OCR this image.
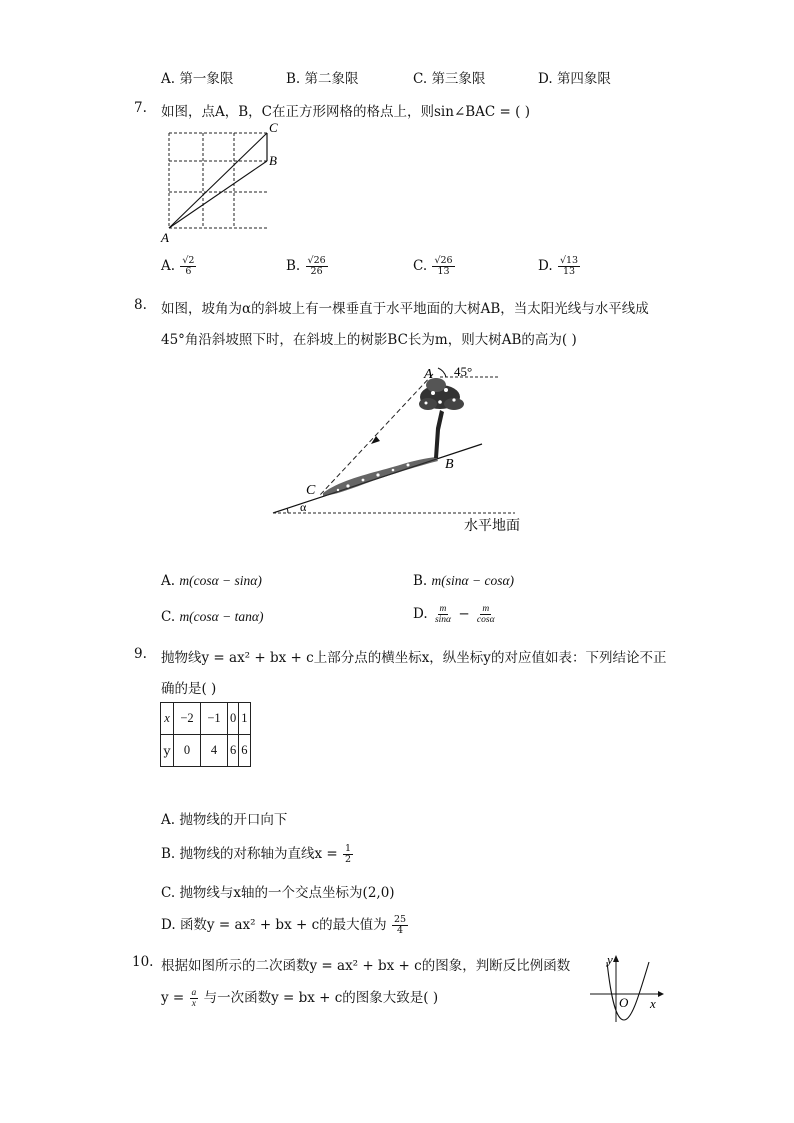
A. 第一象限	B. 第二象限	C. 第三象限	D. 第四象限
7. 如图，点A，B，C在正方形网格的格点上，则sin∠BAC = ( )
C
B
A
A. $\frac{√2}{6}$	B. $\frac{√26}{26}$	C. $\frac{√26}{13}$	D. $\frac{√13}{13}$
8. 如图，坡角为α的斜坡上有一棵垂直于水平地面的大树AB，当太阳光线与水平线成
45°角沿斜坡照下时，在斜坡上的树影BC长为m，则大树AB的高为( )
45°
α
A
B
C
水平地面
A. m(cosα − sinα)	B. m(sinα − cosα)
C. m(cosα − tanα)	D. $\frac{m}{\sin\alpha} - \frac{m}{\cos\alpha}$
9. 抛物线y = ax² + bx + c上部分点的横坐标x，纵坐标y的对应值如表：下列结论不正
确的是( )
x	−2	−1	0	1
y	0	4	6	6
A. 抛物线的开口向下
B. 抛物线的对称轴为直线$x = \frac{1}{2}$
C. 抛物线与x轴的一个交点坐标为(2,0)
D. 函数y = ax² + bx + c的最大值为 $\frac{25}{4}$
10. 根据如图所示的二次函数y = ax² + bx + c的图象，判断反比例函数
$y = \frac{a}{x}$ 与一次函数y = bx + c的图象大致是( )
y
O x
